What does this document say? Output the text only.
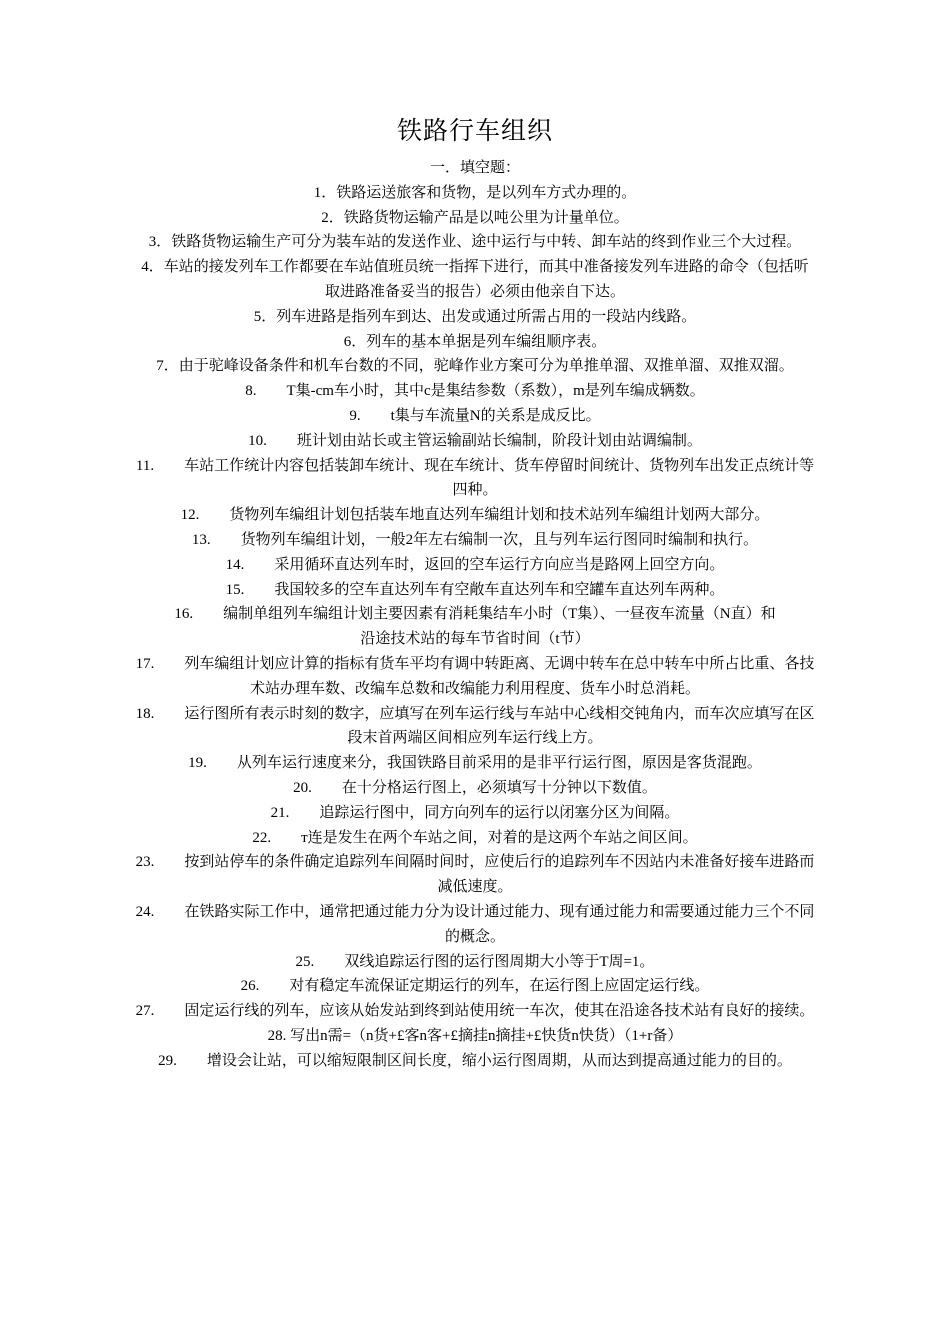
铁路行车组织

一．填空题：

1．铁路运送旅客和货物，是以列车方式办理的。
2．铁路货物运输产品是以吨公里为计量单位。
3．铁路货物运输生产可分为装车站的发送作业、途中运行与中转、卸车站的终到作业三个大过程。
4．车站的接发列车工作都要在车站值班员统一指挥下进行，而其中准备接发列车进路的命令（包括听取进路准备妥当的报告）必须由他亲自下达。
5．列车进路是指列车到达、出发或通过所需占用的一段站内线路。
6．列车的基本单据是列车编组顺序表。
7．由于驼峰设备条件和机车台数的不同，驼峰作业方案可分为单推单溜、双推单溜、双推双溜。
8.　　T集-cm车小时，其中c是集结参数（系数），m是列车编成辆数。
9.　　t集与车流量N的关系是成反比。
10.　　班计划由站长或主管运输副站长编制，阶段计划由站调编制。
11.　　车站工作统计内容包括装卸车统计、现在车统计、货车停留时间统计、货物列车出发正点统计等四种。
12.　　货物列车编组计划包括装车地直达列车编组计划和技术站列车编组计划两大部分。
13.　　货物列车编组计划，一般2年左右编制一次，且与列车运行图同时编制和执行。
14.　　采用循环直达列车时，返回的空车运行方向应当是路网上回空方向。
15.　　我国较多的空车直达列车有空敞车直达列车和空罐车直达列车两种。
16.　　编制单组列车编组计划主要因素有消耗集结车小时（T集）、一昼夜车流量（N直）和
沿途技术站的每车节省时间（t节）
17.　　列车编组计划应计算的指标有货车平均有调中转距离、无调中转车在总中转车中所占比重、各技术站办理车数、改编车总数和改编能力利用程度、货车小时总消耗。
18.　　运行图所有表示时刻的数字，应填写在列车运行线与车站中心线相交钝角内，而车次应填写在区段末首两端区间相应列车运行线上方。
19.　　从列车运行速度来分，我国铁路目前采用的是非平行运行图，原因是客货混跑。
20.　　在十分格运行图上，必须填写十分钟以下数值。
21.　　追踪运行图中，同方向列车的运行以闭塞分区为间隔。
22.　　т连是发生在两个车站之间，对着的是这两个车站之间区间。
23.　　按到站停车的条件确定追踪列车间隔时间时，应使后行的追踪列车不因站内未准备好接车进路而减低速度。
24.　　在铁路实际工作中，通常把通过能力分为设计通过能力、现有通过能力和需要通过能力三个不同的概念。
25.　　双线追踪运行图的运行图周期大小等于T周=1。
26.　　对有稳定车流保证定期运行的列车，在运行图上应固定运行线。
27.　　固定运行线的列车，应该从始发站到终到站使用统一车次，使其在沿途各技术站有良好的接续。
28. 写出n需=（n货+£客n客+£摘挂n摘挂+£快货n快货）（1+r备）
29.　　增设会让站，可以缩短限制区间长度，缩小运行图周期，从而达到提高通过能力的目的。
